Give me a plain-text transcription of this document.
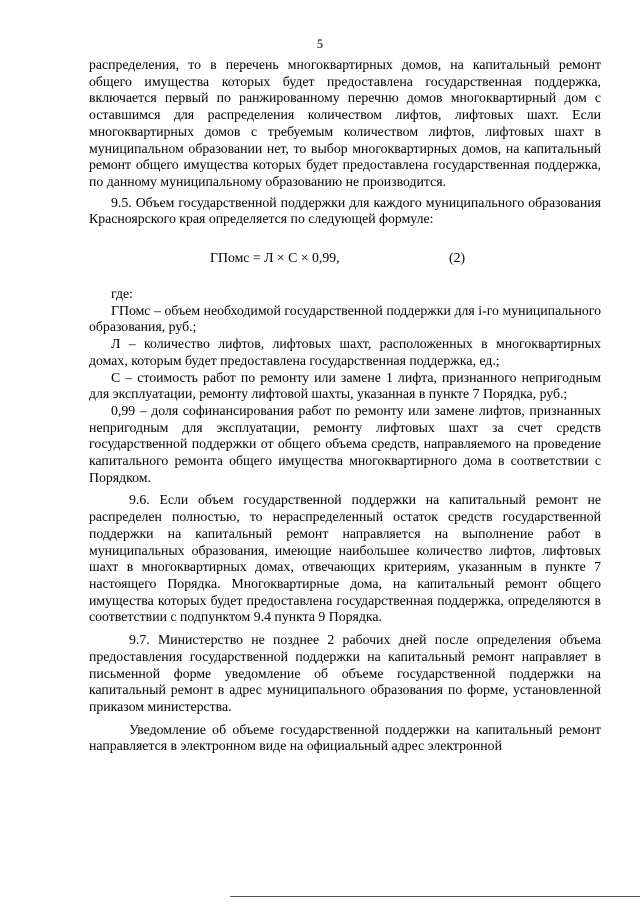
5

распределения, то в перечень многоквартирных домов, на капитальный ремонт общего имущества которых будет предоставлена государственная поддержка, включается первый по ранжированному перечню домов многоквартирный дом с оставшимся для распределения количеством лифтов, лифтовых шахт. Если многоквартирных домов с требуемым количеством лифтов, лифтовых шахт в муниципальном образовании нет, то выбор многоквартирных домов, на капитальный ремонт общего имущества которых будет предоставлена государственная поддержка, по данному муниципальному образованию не производится.

9.5. Объем государственной поддержки для каждого муниципального образования Красноярского края определяется по следующей формуле:

ГПомс = Л × С × 0,99,	(2)

где:

ГПомс – объем необходимой государственной поддержки для i-го муниципального образования, руб.;

Л – количество лифтов, лифтовых шахт, расположенных в многоквартирных домах, которым будет предоставлена государственная поддержка, ед.;

С – стоимость работ по ремонту или замене 1 лифта, признанного непригодным для эксплуатации, ремонту лифтовой шахты, указанная в пункте 7 Порядка, руб.;

0,99 – доля софинансирования работ по ремонту или замене лифтов, признанных непригодным для эксплуатации, ремонту лифтовых шахт за счет средств государственной поддержки от общего объема средств, направляемого на проведение капитального ремонта общего имущества многоквартирного дома в соответствии с Порядком.

9.6. Если объем государственной поддержки на капитальный ремонт не распределен полностью, то нераспределенный остаток средств государственной поддержки на капитальный ремонт направляется на выполнение работ в муниципальных образования, имеющие наибольшее количество лифтов, лифтовых шахт в многоквартирных домах, отвечающих критериям, указанным в пункте 7 настоящего Порядка. Многоквартирные дома, на капитальный ремонт общего имущества которых будет предоставлена государственная поддержка, определяются в соответствии с подпунктом 9.4 пункта 9 Порядка.

9.7. Министерство не позднее 2 рабочих дней после определения объема предоставления государственной поддержки на капитальный ремонт направляет в письменной форме уведомление об объеме государственной поддержки на капитальный ремонт в адрес муниципального образования по форме, установленной приказом министерства.

Уведомление об объеме государственной поддержки на капитальный ремонт направляется в электронном виде на официальный адрес электронной
